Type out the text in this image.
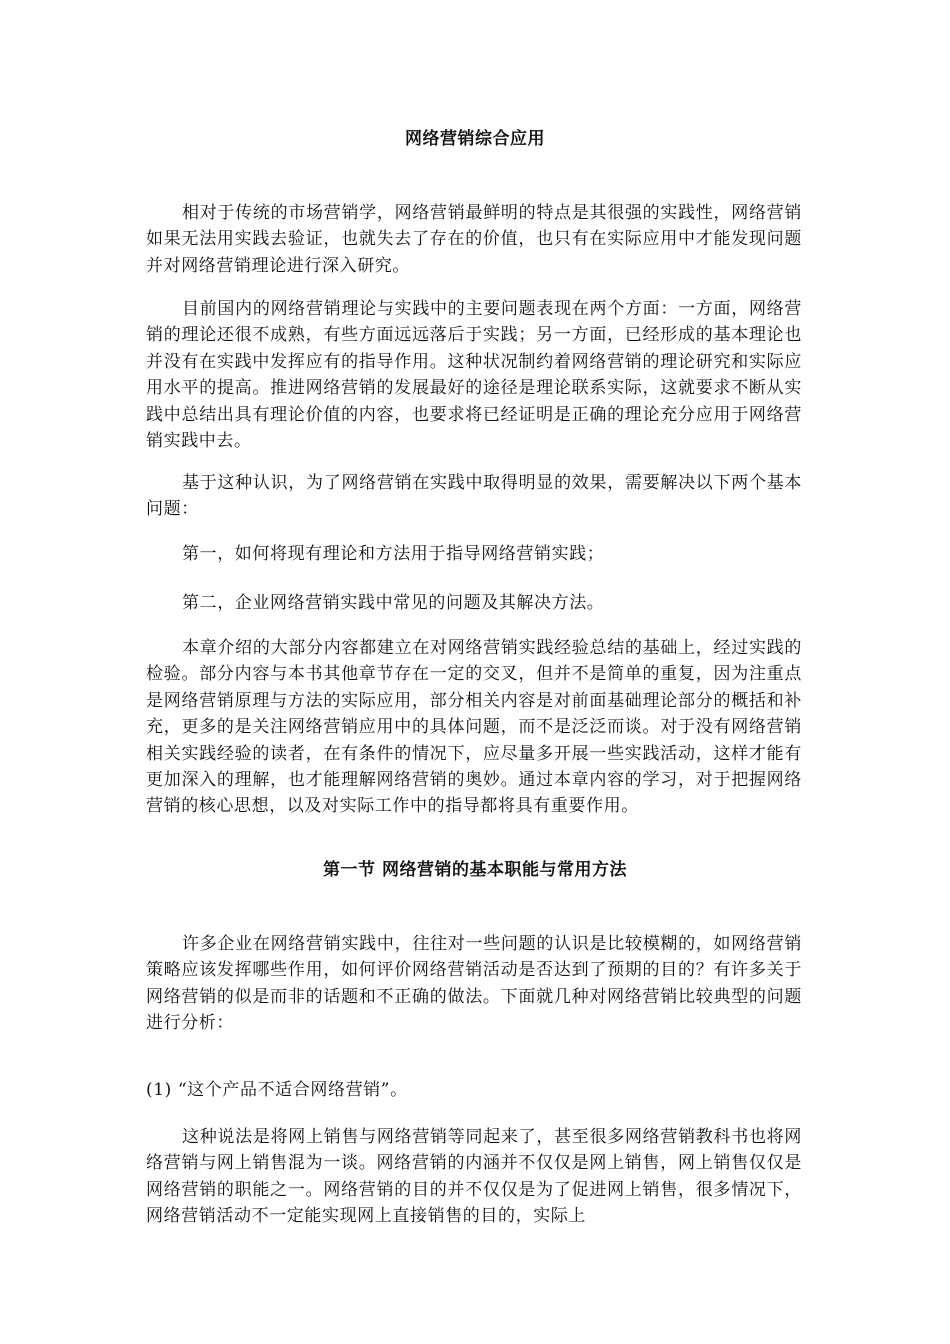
网络营销综合应用

相对于传统的市场营销学，网络营销最鲜明的特点是其很强的实践性，网络营销如果无法用实践去验证，也就失去了存在的价值，也只有在实际应用中才能发现问题并对网络营销理论进行深入研究。

目前国内的网络营销理论与实践中的主要问题表现在两个方面：一方面，网络营销的理论还很不成熟，有些方面远远落后于实践；另一方面，已经形成的基本理论也并没有在实践中发挥应有的指导作用。这种状况制约着网络营销的理论研究和实际应用水平的提高。推进网络营销的发展最好的途径是理论联系实际，这就要求不断从实践中总结出具有理论价值的内容，也要求将已经证明是正确的理论充分应用于网络营销实践中去。

基于这种认识，为了网络营销在实践中取得明显的效果，需要解决以下两个基本问题：

第一，如何将现有理论和方法用于指导网络营销实践；

第二，企业网络营销实践中常见的问题及其解决方法。

本章介绍的大部分内容都建立在对网络营销实践经验总结的基础上，经过实践的检验。部分内容与本书其他章节存在一定的交叉，但并不是简单的重复，因为注重点是网络营销原理与方法的实际应用，部分相关内容是对前面基础理论部分的概括和补充，更多的是关注网络营销应用中的具体问题，而不是泛泛而谈。对于没有网络营销相关实践经验的读者，在有条件的情况下，应尽量多开展一些实践活动，这样才能有更加深入的理解，也才能理解网络营销的奥妙。通过本章内容的学习，对于把握网络营销的核心思想，以及对实际工作中的指导都将具有重要作用。

第一节 网络营销的基本职能与常用方法

许多企业在网络营销实践中，往往对一些问题的认识是比较模糊的，如网络营销策略应该发挥哪些作用，如何评价网络营销活动是否达到了预期的目的？有许多关于网络营销的似是而非的话题和不正确的做法。下面就几种对网络营销比较典型的问题进行分析：

(1) “这个产品不适合网络营销”。

这种说法是将网上销售与网络营销等同起来了，甚至很多网络营销教科书也将网络营销与网上销售混为一谈。网络营销的内涵并不仅仅是网上销售，网上销售仅仅是网络营销的职能之一。网络营销的目的并不仅仅是为了促进网上销售，很多情况下，网络营销活动不一定能实现网上直接销售的目的，实际上
